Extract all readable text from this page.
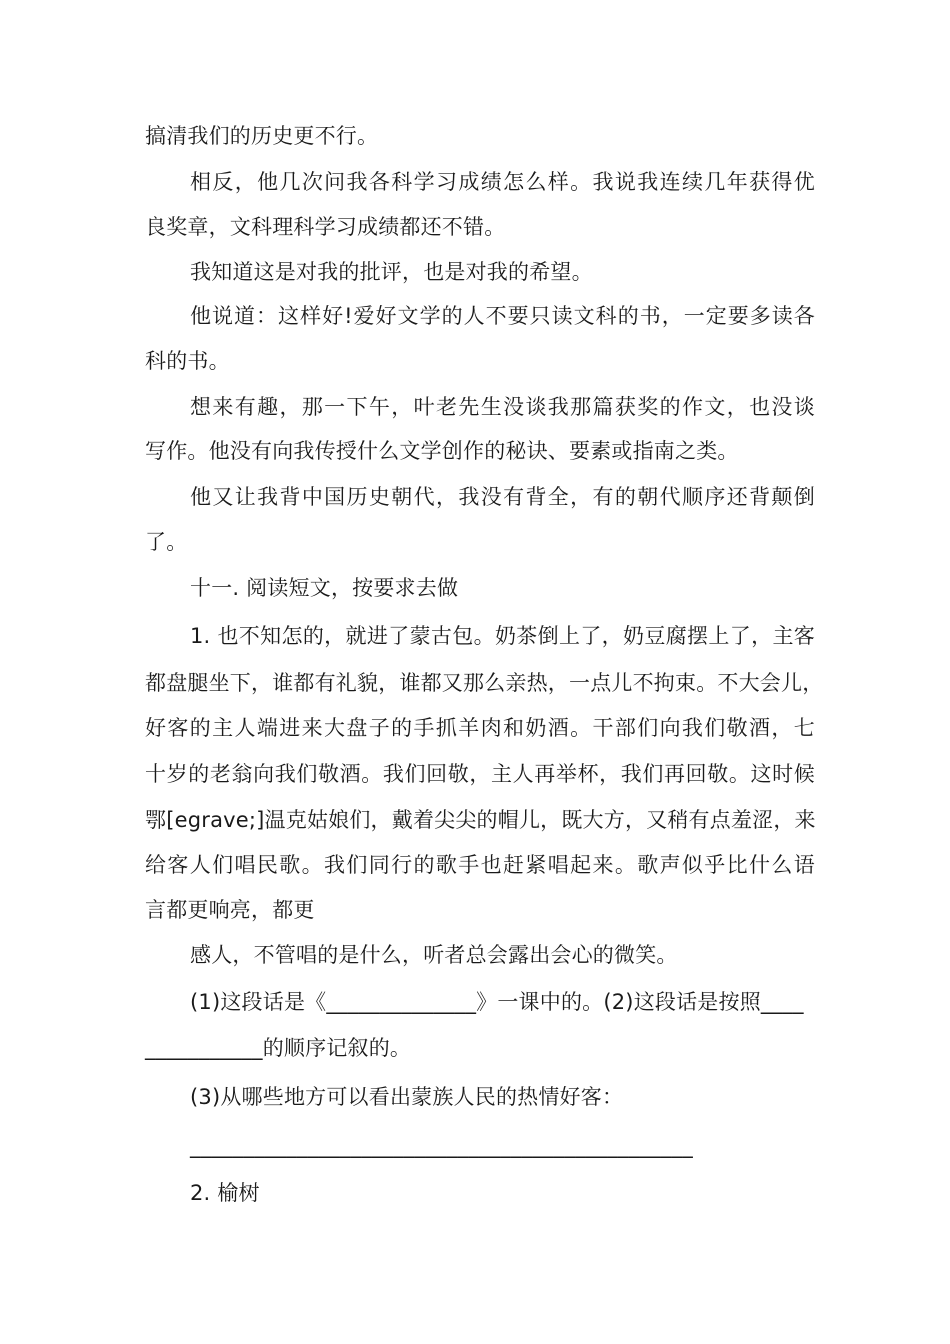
搞清我们的历史更不行。
相反，他几次问我各科学习成绩怎么样。我说我连续几年获得优
良奖章，文科理科学习成绩都还不错。
我知道这是对我的批评，也是对我的希望。
他说道：这样好!爱好文学的人不要只读文科的书，一定要多读各
科的书。
想来有趣，那一下午，叶老先生没谈我那篇获奖的作文，也没谈
写作。他没有向我传授什么文学创作的秘诀、要素或指南之类。
他又让我背中国历史朝代，我没有背全，有的朝代顺序还背颠倒
了。
十一. 阅读短文，按要求去做
1. 也不知怎的，就进了蒙古包。奶茶倒上了，奶豆腐摆上了，主客
都盘腿坐下，谁都有礼貌，谁都又那么亲热，一点儿不拘束。不大会儿，
好客的主人端进来大盘子的手抓羊肉和奶酒。干部们向我们敬酒，七
十岁的老翁向我们敬酒。我们回敬，主人再举杯，我们再回敬。这时候
鄂[egrave;]温克姑娘们，戴着尖尖的帽儿，既大方，又稍有点羞涩，来
给客人们唱民歌。我们同行的歌手也赶紧唱起来。歌声似乎比什么语
言都更响亮，都更
感人，不管唱的是什么，听者总会露出会心的微笑。
(1)这段话是《______________》一课中的。(2)这段话是按照____
___________的顺序记叙的。
(3)从哪些地方可以看出蒙族人民的热情好客：
_______________________________________________
2. 榆树
